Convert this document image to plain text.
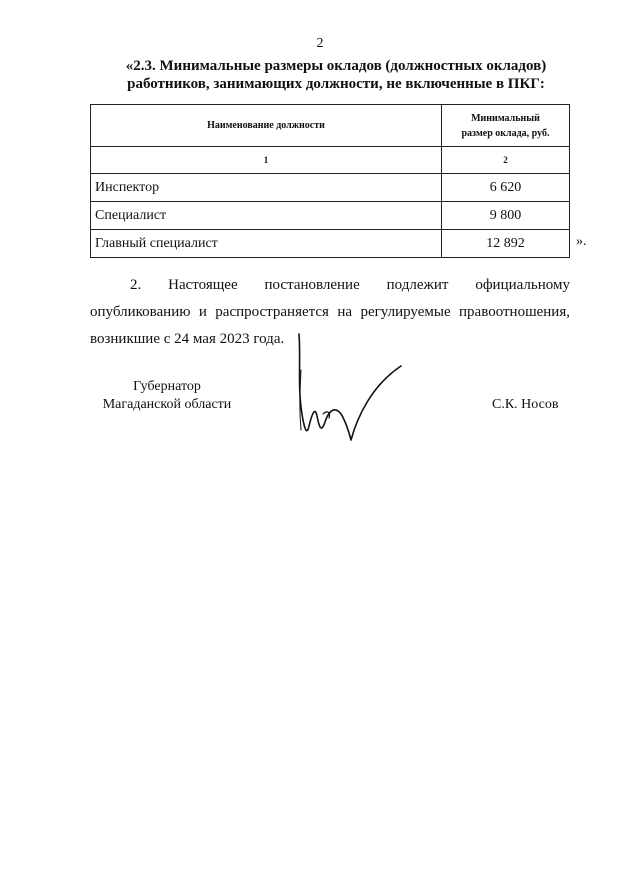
2
«2.3. Минимальные размеры окладов (должностных окладов)
работников, занимающих должности, не включенные в ПКГ:
Наименование должности	Минимальный
размер оклада, руб.

1	2
Инспектор	6 620
Специалист	9 800
Главный специалист	12 892	».
2. Настоящее постановление подлежит официальному опубликованию и распространяется на регулируемые правоотношения, возникшие с 24 мая 2023 года.
Губернатор
Магаданской области	С.К. Носов
